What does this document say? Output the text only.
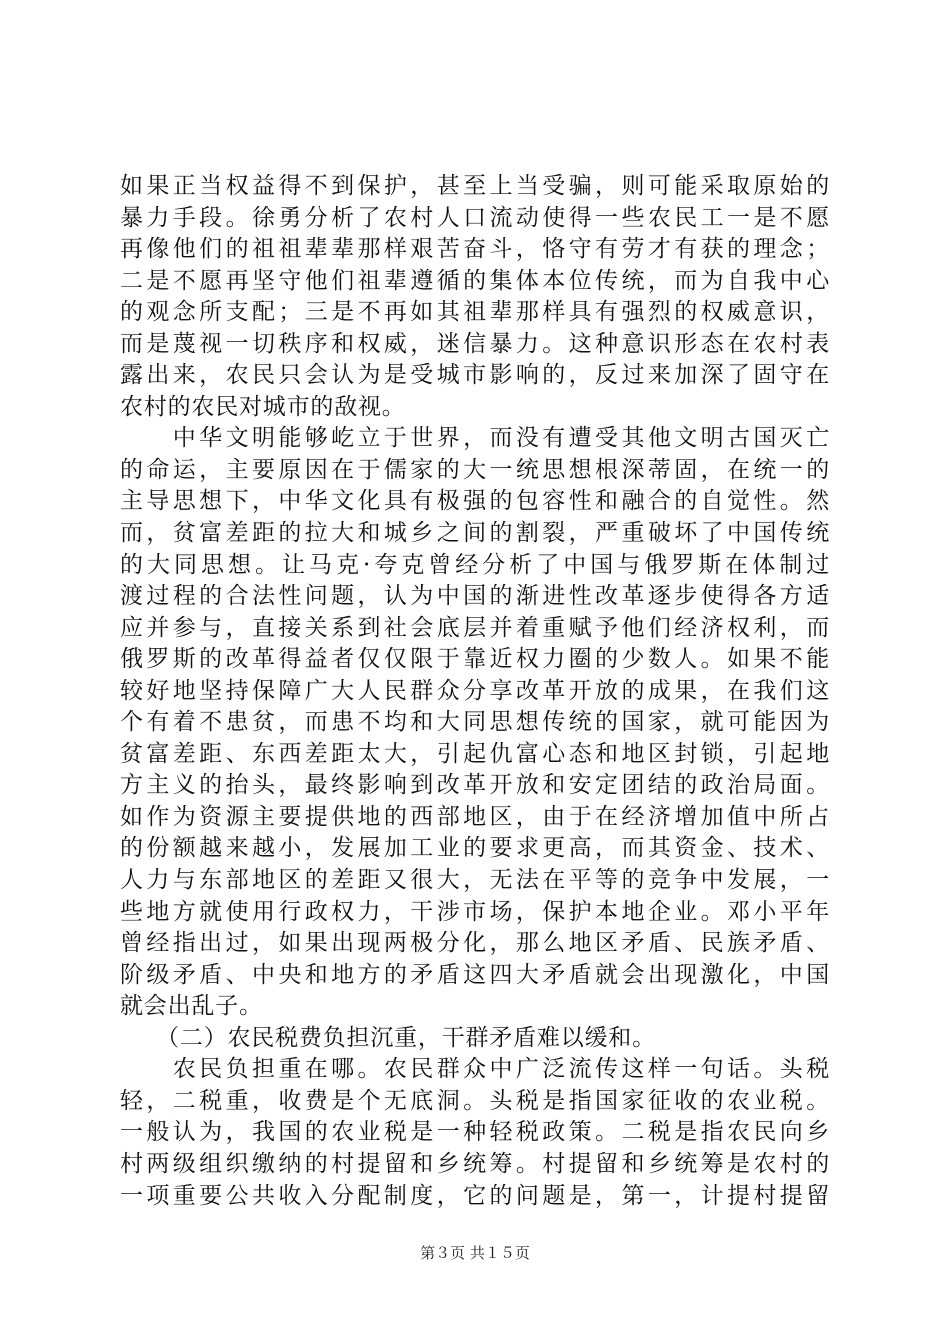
如果正当权益得不到保护，甚至上当受骗，则可能采取原始的
暴力手段。徐勇分析了农村人口流动使得一些农民工一是不愿
再像他们的祖祖辈辈那样艰苦奋斗，恪守有劳才有获的理念；
二是不愿再坚守他们祖辈遵循的集体本位传统，而为自我中心
的观念所支配；三是不再如其祖辈那样具有强烈的权威意识，
而是蔑视一切秩序和权威，迷信暴力。这种意识形态在农村表
露出来，农民只会认为是受城市影响的，反过来加深了固守在
农村的农民对城市的敌视。
　　中华文明能够屹立于世界，而没有遭受其他文明古国灭亡
的命运，主要原因在于儒家的大一统思想根深蒂固，在统一的
主导思想下，中华文化具有极强的包容性和融合的自觉性。然
而，贫富差距的拉大和城乡之间的割裂，严重破坏了中国传统
的大同思想。让马克·夸克曾经分析了中国与俄罗斯在体制过
渡过程的合法性问题，认为中国的渐进性改革逐步使得各方适
应并参与，直接关系到社会底层并着重赋予他们经济权利，而
俄罗斯的改革得益者仅仅限于靠近权力圈的少数人。如果不能
较好地坚持保障广大人民群众分享改革开放的成果，在我们这
个有着不患贫，而患不均和大同思想传统的国家，就可能因为
贫富差距、东西差距太大，引起仇富心态和地区封锁，引起地
方主义的抬头，最终影响到改革开放和安定团结的政治局面。
如作为资源主要提供地的西部地区，由于在经济增加值中所占
的份额越来越小，发展加工业的要求更高，而其资金、技术、
人力与东部地区的差距又很大，无法在平等的竞争中发展，一
些地方就使用行政权力，干涉市场，保护本地企业。邓小平年
曾经指出过，如果出现两极分化，那么地区矛盾、民族矛盾、
阶级矛盾、中央和地方的矛盾这四大矛盾就会出现激化，中国
就会出乱子。
　　（二）农民税费负担沉重，干群矛盾难以缓和。
　　农民负担重在哪。农民群众中广泛流传这样一句话。头税
轻，二税重，收费是个无底洞。头税是指国家征收的农业税。
一般认为，我国的农业税是一种轻税政策。二税是指农民向乡
村两级组织缴纳的村提留和乡统筹。村提留和乡统筹是农村的
一项重要公共收入分配制度，它的问题是，第一，计提村提留
第３页 共１５页
